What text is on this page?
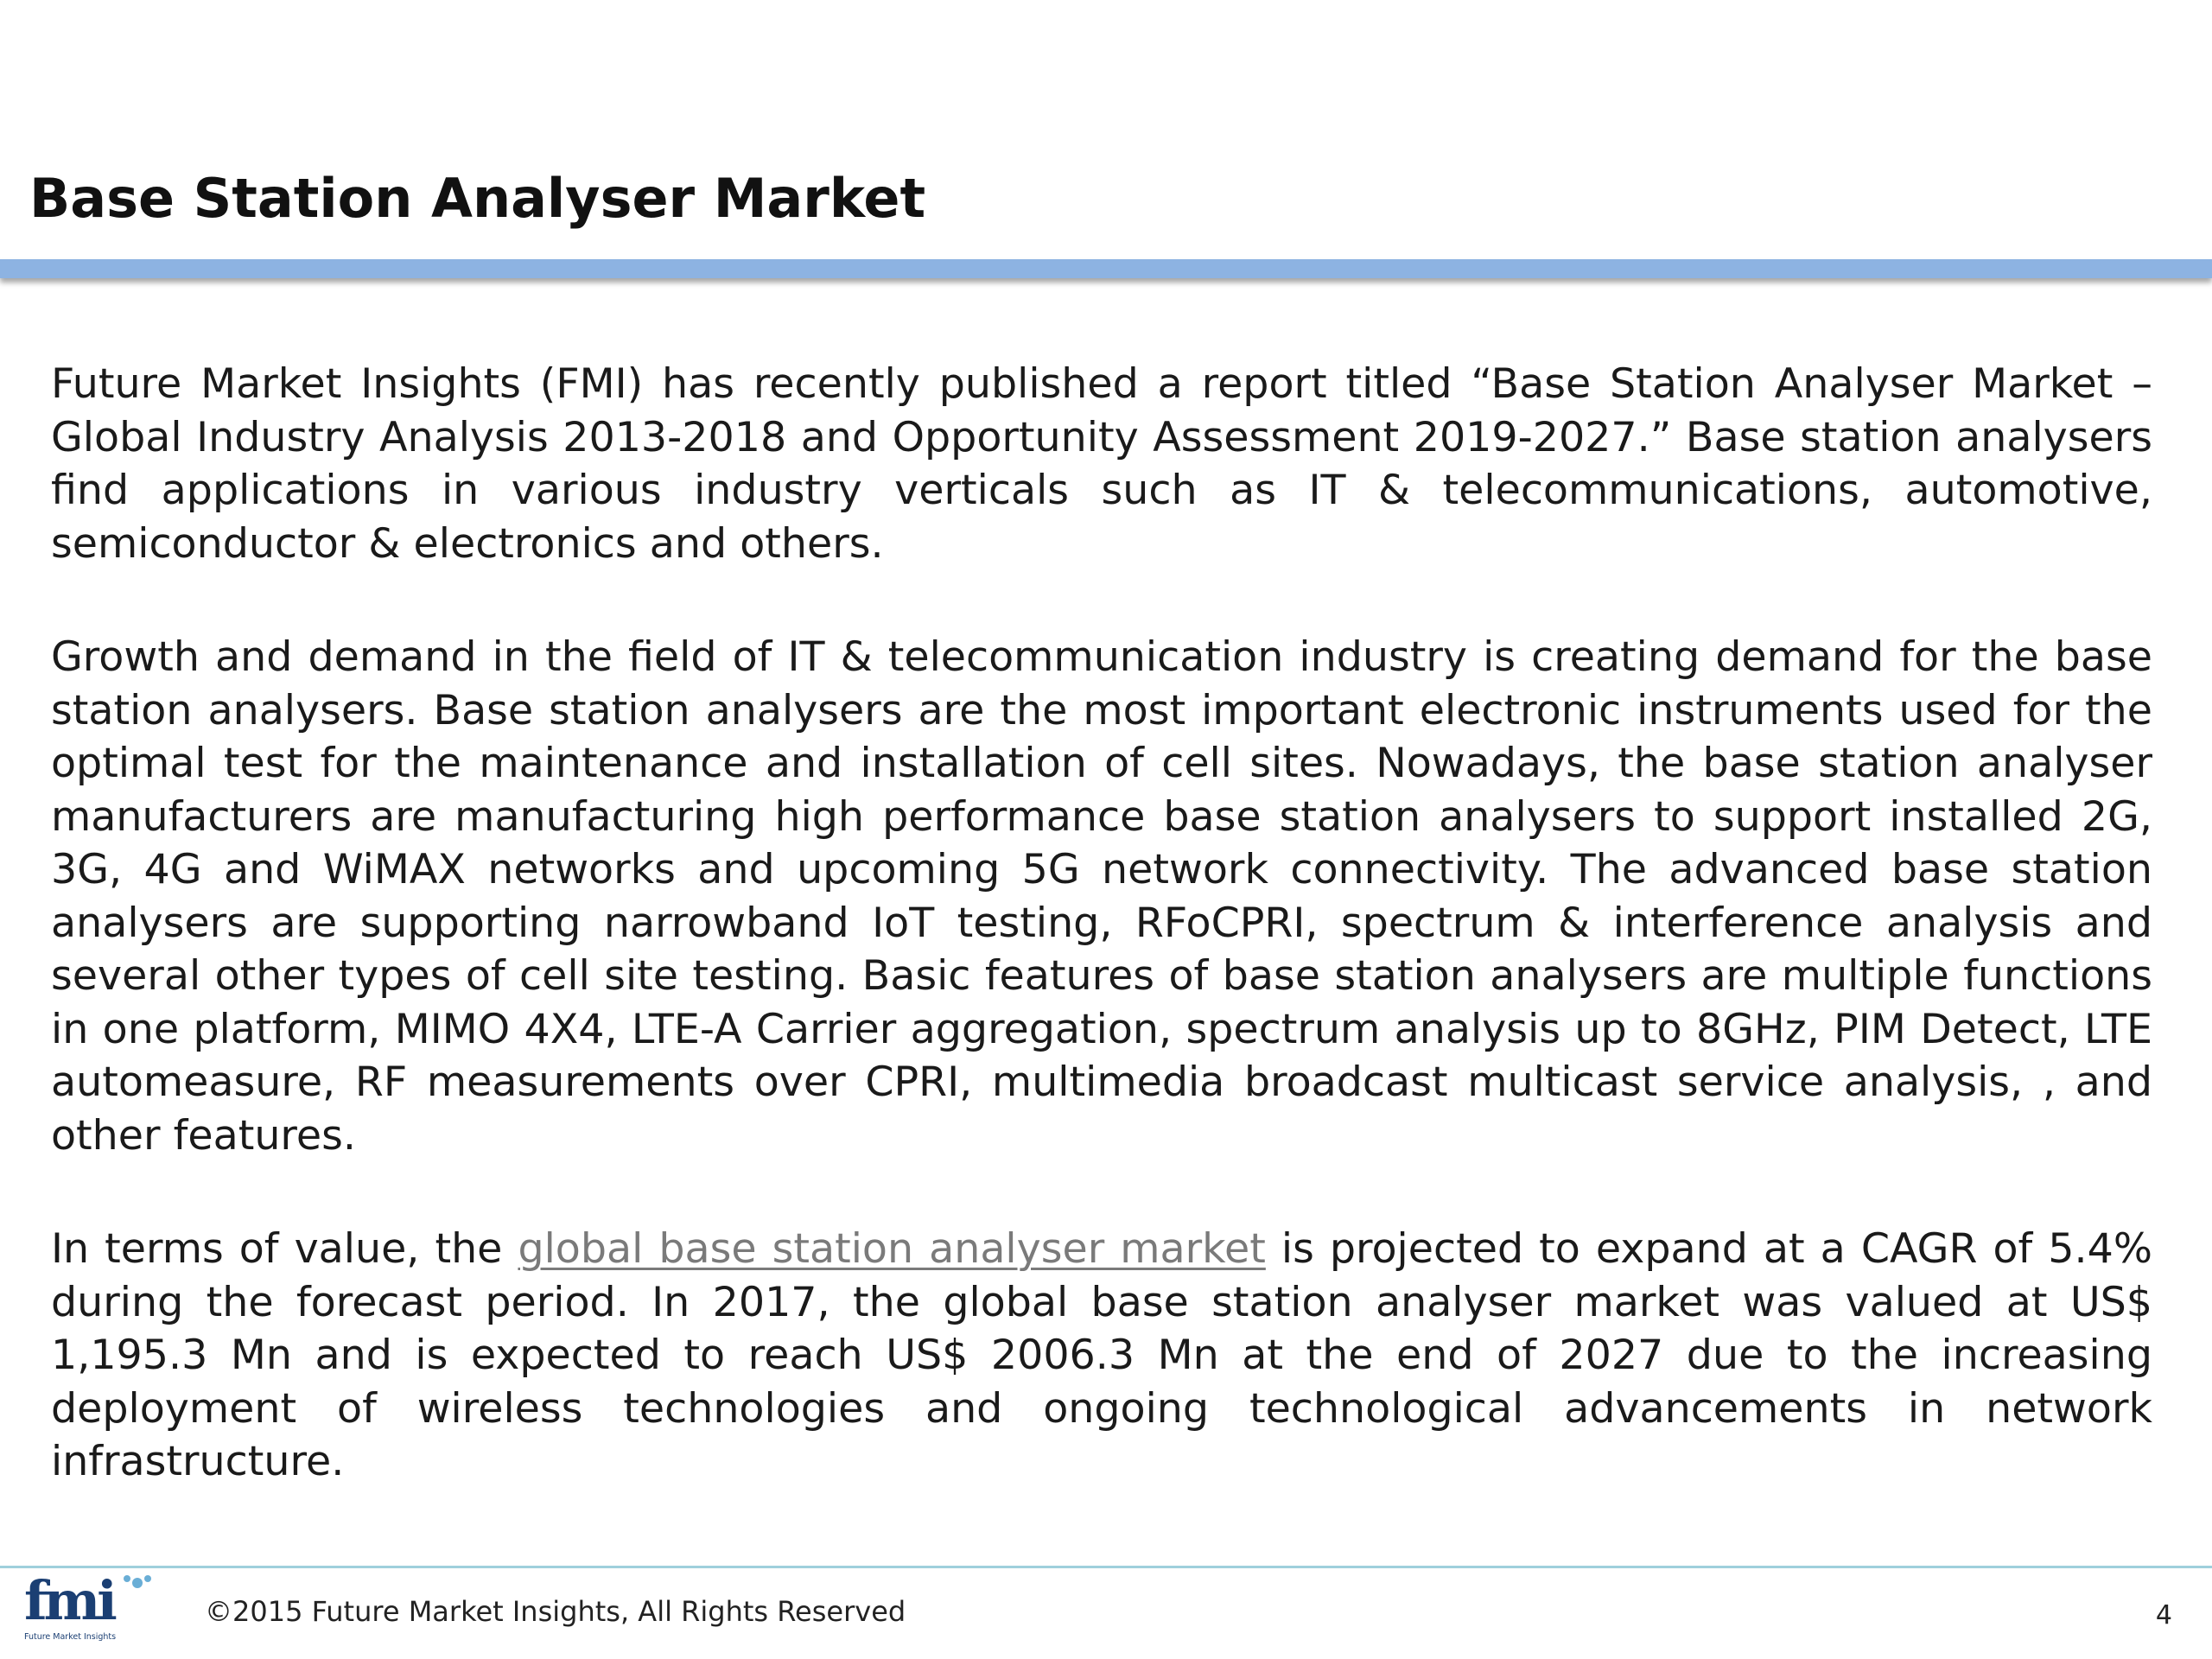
Base Station Analyser Market

Future Market Insights (FMI) has recently published a report titled “Base Station Analyser Market – Global Industry Analysis 2013-2018 and Opportunity Assessment 2019-2027.” Base station analysers find applications in various industry verticals such as IT & telecommunications, automotive, semiconductor & electronics and others.

Growth and demand in the field of IT & telecommunication industry is creating demand for the base station analysers. Base station analysers are the most important electronic instruments used for the optimal test for the maintenance and installation of cell sites. Nowadays, the base station analyser manufacturers are manufacturing high performance base station analysers to support installed 2G, 3G, 4G and WiMAX networks and upcoming 5G network connectivity. The advanced base station analysers are supporting narrowband IoT testing, RFoCPRI, spectrum & interference analysis and several other types of cell site testing. Basic features of base station analysers are multiple functions in one platform, MIMO 4X4, LTE-A Carrier aggregation, spectrum analysis up to 8GHz, PIM Detect, LTE automeasure, RF measurements over CPRI, multimedia broadcast multicast service analysis, , and other features.

In terms of value, the global base station analyser market is projected to expand at a CAGR of 5.4% during the forecast period. In 2017, the global base station analyser market was valued at US$ 1,195.3 Mn and is expected to reach US$ 2006.3 Mn at the end of 2027 due to the increasing deployment of wireless technologies and ongoing technological advancements in network infrastructure.

fmi
Future Market Insights
©2015 Future Market Insights, All Rights Reserved	4
